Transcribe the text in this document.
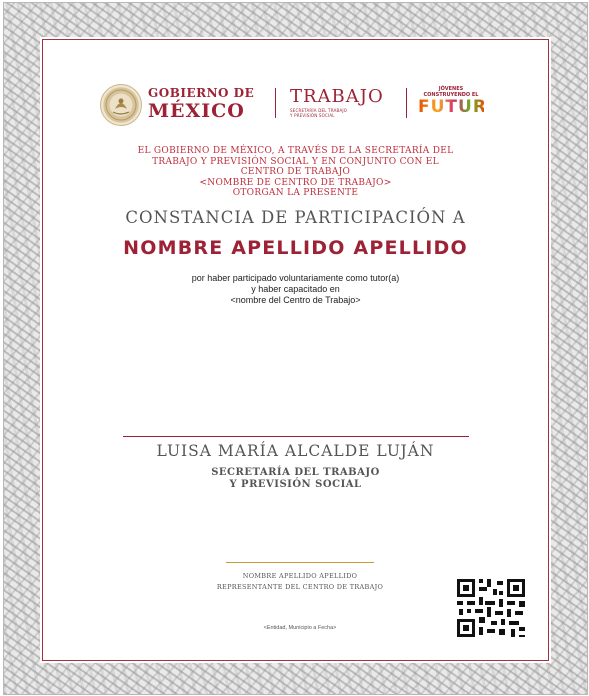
GOBIERNO DE
MÉXICO
TRABAJO
SECRETARÍA DEL TRABAJO
Y PREVISIÓN SOCIAL
JÓVENES
CONSTRUYENDO EL
FUTURO
EL GOBIERNO DE MÉXICO, A TRAVÉS DE LA SECRETARÍA DEL
TRABAJO Y PREVISIÓN SOCIAL Y EN CONJUNTO CON EL
CENTRO DE TRABAJO
<NOMBRE DE CENTRO DE TRABAJO>
OTORGAN LA PRESENTE
CONSTANCIA DE PARTICIPACIÓN A
NOMBRE APELLIDO APELLIDO
por haber participado voluntariamente como tutor(a)
y haber capacitado en
<nombre del Centro de Trabajo>
LUISA MARÍA ALCALDE LUJÁN
SECRETARÍA DEL TRABAJO
Y PREVISIÓN SOCIAL
NOMBRE APELLIDO APELLIDO
REPRESENTANTE DEL CENTRO DE TRABAJO
<Entidad, Municipio a Fecha>
